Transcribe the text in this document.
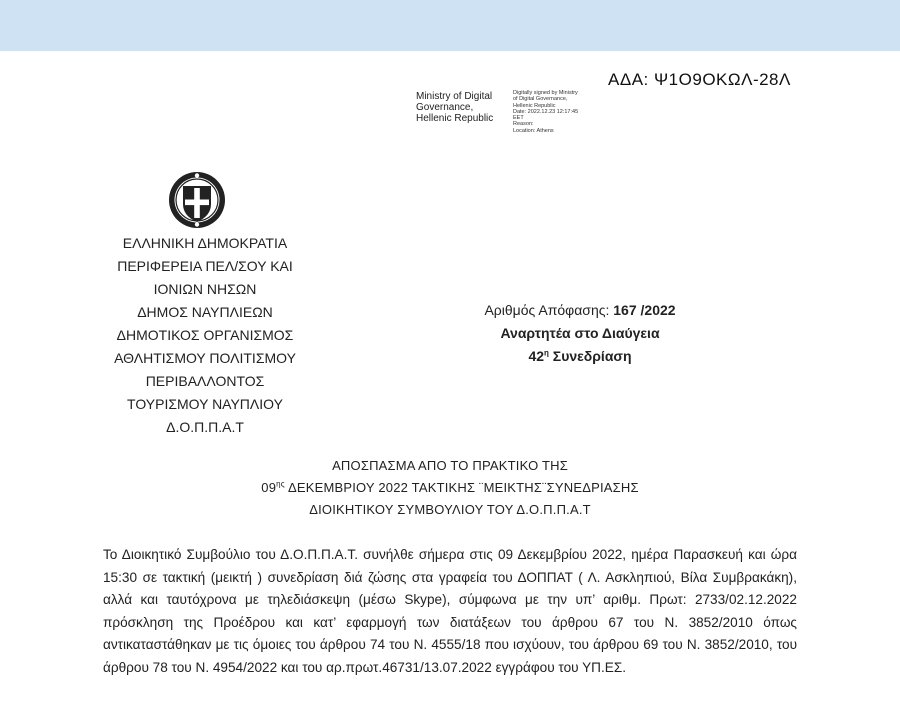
ΑΔΑ: Ψ1Ο9ΟΚΩΛ-28Λ
Ministry of Digital
Governance,
Hellenic Republic
Digitally signed by Ministry
of Digital Governance,
Hellenic Republic
Date: 2022.12.23 12:17:45
EET
Reason:
Location: Athens
ΕΛΛΗΝΙΚΗ ΔΗΜΟΚΡΑΤΙΑ
ΠΕΡΙΦΕΡΕΙΑ ΠΕΛ/ΣΟΥ ΚΑΙ
ΙΟΝΙΩΝ ΝΗΣΩΝ
ΔΗΜΟΣ ΝΑΥΠΛΙΕΩΝ
ΔΗΜΟΤΙΚΟΣ ΟΡΓΑΝΙΣΜΟΣ
ΑΘΛΗΤΙΣΜΟΥ ΠΟΛΙΤΙΣΜΟΥ
ΠΕΡΙΒΑΛΛΟΝΤΟΣ
ΤΟΥΡΙΣΜΟΥ ΝΑΥΠΛΙΟΥ
Δ.Ο.Π.Π.Α.Τ
Αριθμός Απόφασης: 167 /2022
Αναρτητέα στο Διαύγεια
$42^\eta$ Συνεδρίαση
ΑΠΟΣΠΑΣΜΑ ΑΠΟ ΤΟ ΠΡΑΚΤΙΚΟ ΤΗΣ
$09^{\eta\varsigma}$ ΔΕΚΕΜΒΡΙΟΥ 2022 ΤΑΚΤΙΚΗΣ ¨ΜΕΙΚΤΗΣ¨ΣΥΝΕΔΡΙΑΣΗΣ
ΔΙΟΙΚΗΤΙΚΟΥ ΣΥΜΒΟΥΛΙΟΥ ΤΟΥ Δ.Ο.Π.Π.Α.Τ
Το Διοικητικό Συμβούλιο του Δ.Ο.Π.Π.Α.Τ. συνήλθε σήμερα στις 09 Δεκεμβρίου 2022, ημέρα Παρασκευή και ώρα 15:30 σε τακτική (μεικτή ) συνεδρίαση διά ζώσης στα γραφεία του ΔΟΠΠΑΤ ( Λ. Ασκληπιού, Βίλα Συμβρακάκη), αλλά και ταυτόχρονα με τηλεδιάσκεψη (μέσω Skype), σύμφωνα με την υπ’ αριθμ. Πρωτ: 2733/02.12.2022 πρόσκληση της Προέδρου και κατ’ εφαρμογή των διατάξεων του άρθρου 67 του Ν. 3852/2010 όπως αντικαταστάθηκαν με τις όμοιες του άρθρου 74 του Ν. 4555/18 που ισχύουν, του άρθρου 69 του Ν. 3852/2010, του άρθρου 78 του Ν. 4954/2022 και του αρ.πρωτ.46731/13.07.2022 εγγράφου του ΥΠ.ΕΣ.
